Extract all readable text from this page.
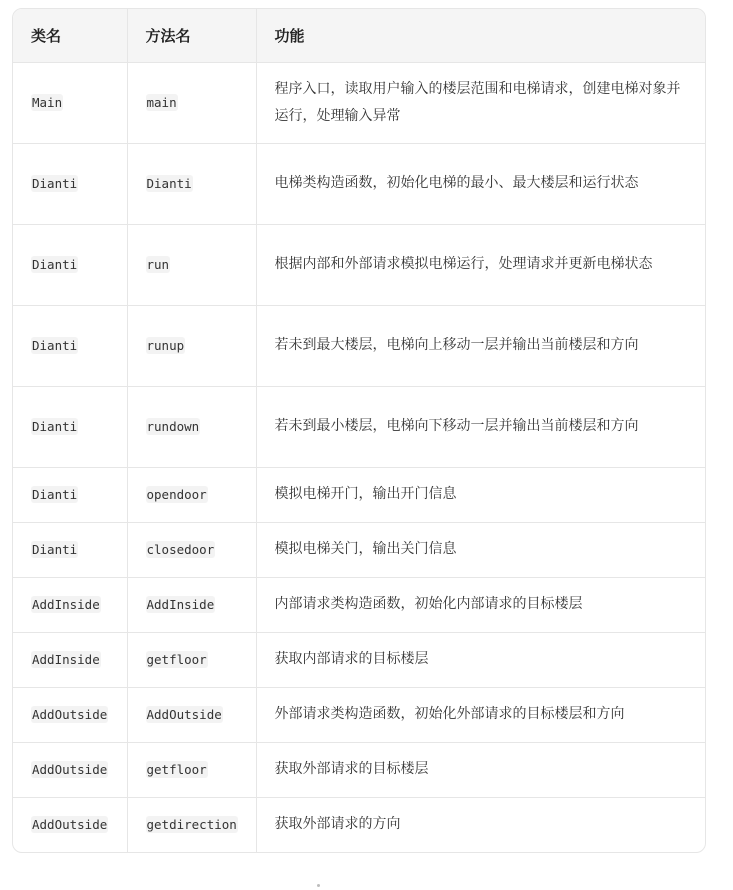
类名	方法名	功能
Main	main	程序入口，读取用户输入的楼层范围和电梯请求，创建电梯对象并运行，处理输入异常
Dianti	Dianti	电梯类构造函数，初始化电梯的最小、最大楼层和运行状态
Dianti	run	根据内部和外部请求模拟电梯运行，处理请求并更新电梯状态
Dianti	runup	若未到最大楼层，电梯向上移动一层并输出当前楼层和方向
Dianti	rundown	若未到最小楼层，电梯向下移动一层并输出当前楼层和方向
Dianti	opendoor	模拟电梯开门，输出开门信息
Dianti	closedoor	模拟电梯关门，输出关门信息
AddInside	AddInside	内部请求类构造函数，初始化内部请求的目标楼层
AddInside	getfloor	获取内部请求的目标楼层
AddOutside	AddOutside	外部请求类构造函数，初始化外部请求的目标楼层和方向
AddOutside	getfloor	获取外部请求的目标楼层
AddOutside	getdirection	获取外部请求的方向
